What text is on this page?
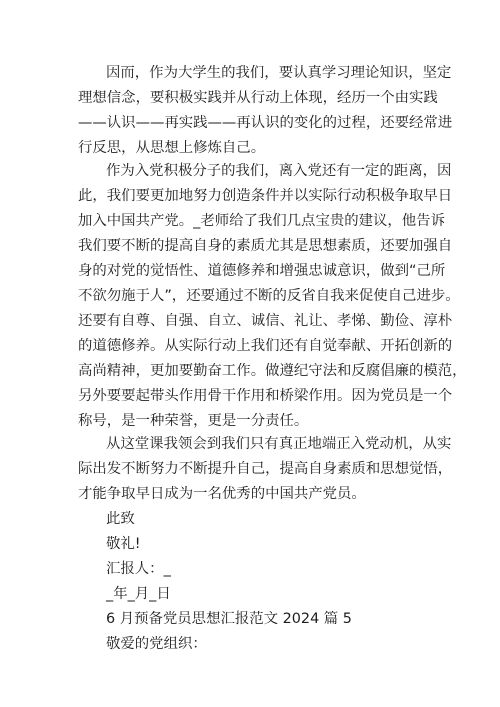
因而，作为大学生的我们，要认真学习理论知识，坚定
理想信念，要积极实践并从行动上体现，经历一个由实践
——认识——再实践——再认识的变化的过程，还要经常进
行反思，从思想上修炼自己。
作为入党积极分子的我们，离入党还有一定的距离，因
此，我们要更加地努力创造条件并以实际行动积极争取早日
加入中国共产党。_老师给了我们几点宝贵的建议，他告诉
我们要不断的提高自身的素质尤其是思想素质，还要加强自
身的对党的觉悟性、道德修养和增强忠诚意识，做到“己所
不欲勿施于人”，还要通过不断的反省自我来促使自己进步。
还要有自尊、自强、自立、诚信、礼让、孝悌、勤俭、淳朴
的道德修养。从实际行动上我们还有自觉奉献、开拓创新的
高尚精神，更加要勤奋工作。做遵纪守法和反腐倡廉的模范，
另外要要起带头作用骨干作用和桥梁作用。因为党员是一个
称号，是一种荣誉，更是一分责任。
从这堂课我领会到我们只有真正地端正入党动机，从实
际出发不断努力不断提升自己，提高自身素质和思想觉悟，
才能争取早日成为一名优秀的中国共产党员。
此致
敬礼!
汇报人：_
_年_月_日
6 月预备党员思想汇报范文 2024 篇 5
敬爱的党组织：
